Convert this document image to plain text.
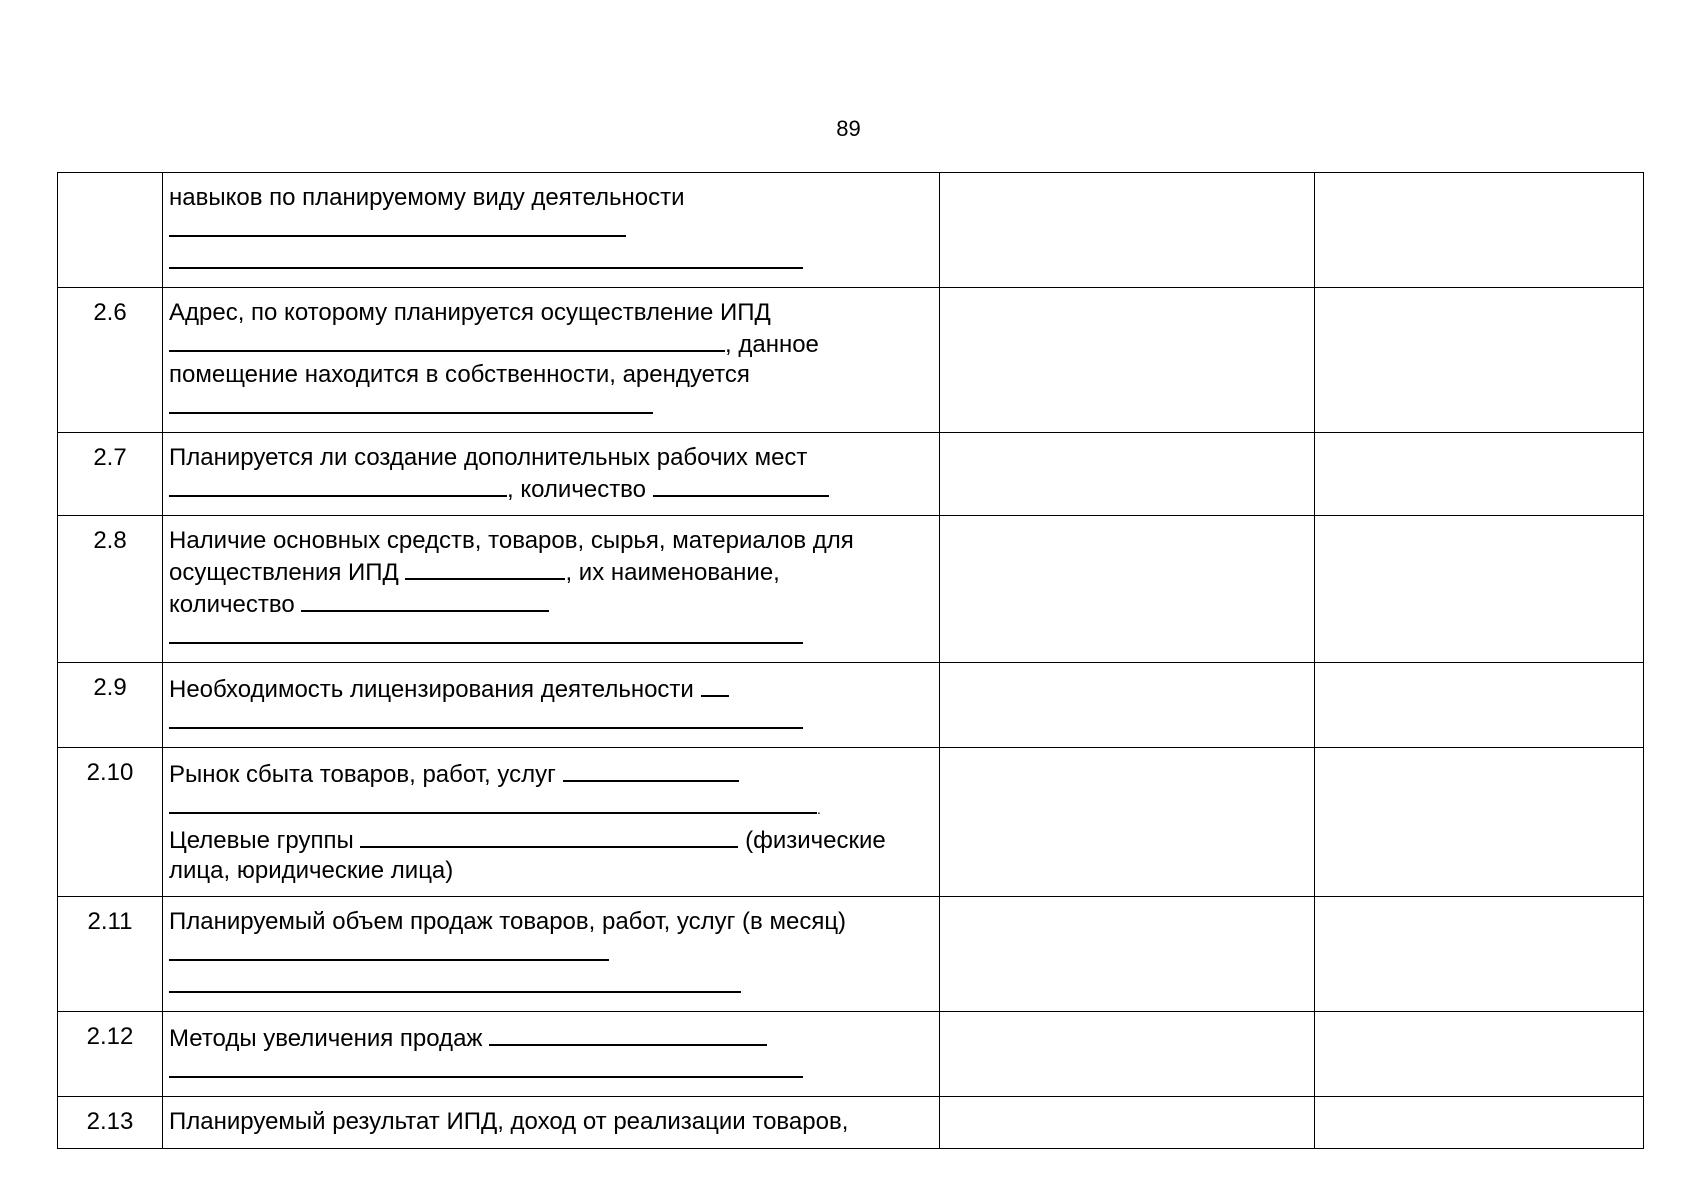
89

	навыков по планируемому виду деятельности		

2.6	Адрес, по которому планируется осуществление ИПД
, данное
помещение находится в собственности, арендуется		

2.7	Планируется ли создание дополнительных рабочих мест
, количество		

2.8	Наличие основных средств, товаров, сырья, материалов для
осуществления ИПД , их наименование,
количество		

2.9	Необходимость лицензирования деятельности		

2.10	Рынок сбыта товаров, работ, услуг
.
Целевые группы (физические
лица, юридические лица)		

2.11	Планируемый объем продаж товаров, работ, услуг (в месяц)		

2.12	Методы увеличения продаж		

2.13	Планируемый результат ИПД, доход от реализации товаров,		
